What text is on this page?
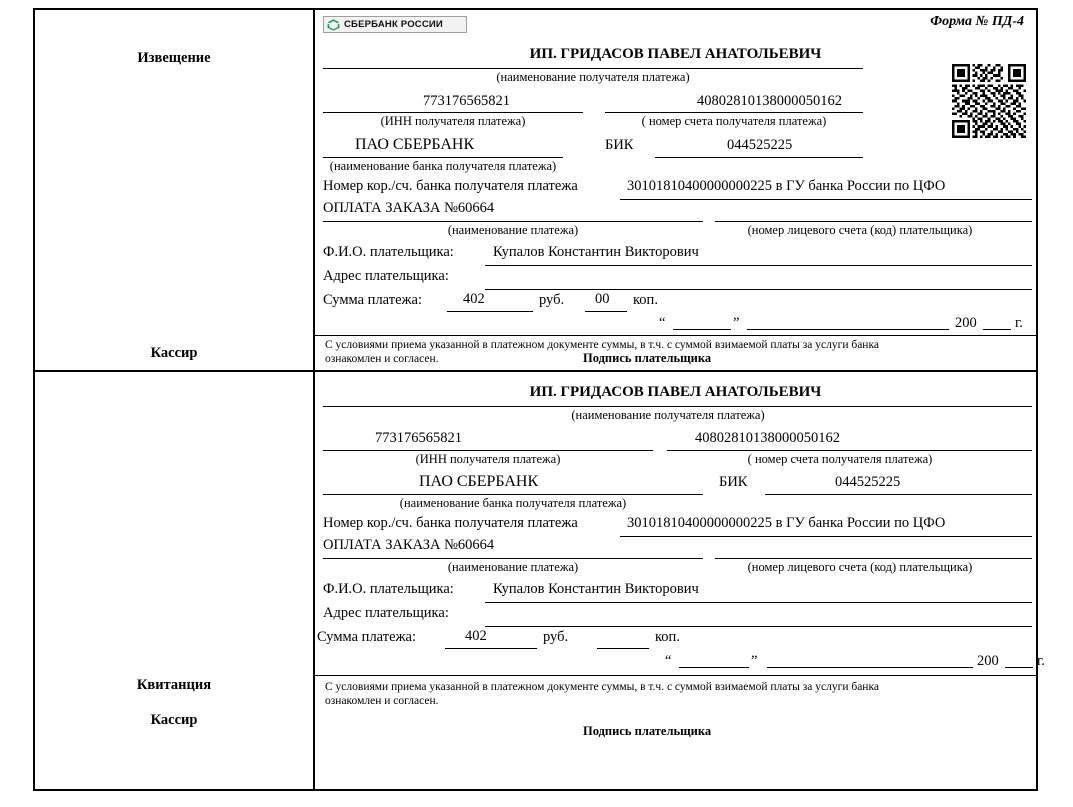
Извещение
Кассир
СБЕРБАНК РОССИИ	Форма № ПД-4
ИП. ГРИДАСОВ ПАВЕЛ АНАТОЛЬЕВИЧ
(наименование получателя платежа)
773176565821
(ИНН получателя платежа)
40802810138000050162
( номер счета получателя платежа)
ПАО СБЕРБАНК
(наименование банка получателя платежа)
БИК	044525225
Номер кор./сч. банка получателя платежа	30101810400000000225 в ГУ банка России по ЦФО
ОПЛАТА ЗАКАЗА №60664
(наименование платежа)	(номер лицевого счета (код) плательщика)
Ф.И.О. плательщика:	Купалов Константин Викторович
Адрес плательщика:
Сумма платежа:	402	руб. 00 коп.
“	”	200	г.
С условиями приема указанной в платежном документе суммы, в т.ч. с суммой взимаемой платы за услуги банка
ознакомлен и согласен.	Подпись плательщика
Квитанция
Кассир
ИП. ГРИДАСОВ ПАВЕЛ АНАТОЛЬЕВИЧ
(наименование получателя платежа)
773176565821
(ИНН получателя платежа)
40802810138000050162
( номер счета получателя платежа)
ПАО СБЕРБАНК
(наименование банка получателя платежа)
БИК	044525225
Номер кор./сч. банка получателя платежа	30101810400000000225 в ГУ банка России по ЦФО
ОПЛАТА ЗАКАЗА №60664
(наименование платежа)	(номер лицевого счета (код) плательщика)
Ф.И.О. плательщика:	Купалов Константин Викторович
Адрес плательщика:
Сумма платежа:	402	руб.	коп.
“	”	200	г.
С условиями приема указанной в платежном документе суммы, в т.ч. с суммой взимаемой платы за услуги банка
ознакомлен и согласен.
Подпись плательщика
